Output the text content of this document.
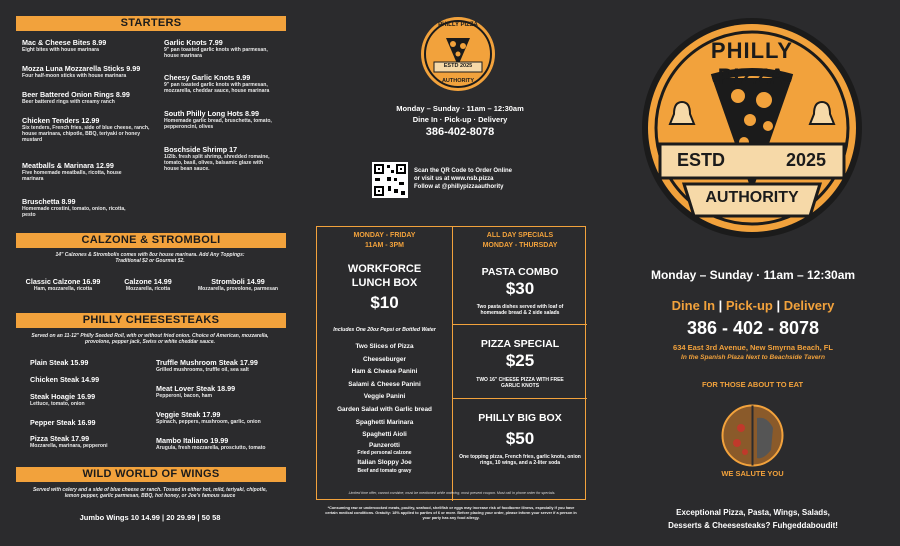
STARTERS
Mac & Cheese Bites 8.99
Eight bites with house marinara
Mozza Luna Mozzarella Sticks 9.99
Four half-moon sticks with house marinara
Beer Battered Onion Rings 8.99
Beer battered rings with creamy ranch
Chicken Tenders 12.99
Six tenders, French fries, side of blue cheese, ranch, house marinara, chipotle, BBQ, teriyaki or honey mustard
Meatballs & Marinara 12.99
Five homemade meatballs, ricotta, house marinara
Bruschetta 8.99
Homemade crostini, tomato, onion, ricotta, pesto
Garlic Knots 7.99
9" pan toasted garlic knots with parmesan, house marinara
Cheesy Garlic Knots 9.99
9" pan toasted garlic knots with parmesan, mozzarella, cheddar sauce, house marinara
South Philly Long Hots 8.99
Homemade garlic bread, bruschetta, tomato, pepperoncini, olives
Boschside Shrimp 17
1/2lb. fresh split shrimp, shredded romaine, tomato, basil, olives, balsamic glaze with house bean sauce.
CALZONE & STROMBOLI
14" Calzones & Strombolis comes with 8oz house marinara. Add Any Toppings: Traditional $2 or Gourmet $2.
Classic Calzone 16.99
Ham, mozzarella, ricotta
Calzone 14.99
Mozzarella, ricotta
Stromboli 14.99
Mozzarella, provolone, parmesan
PHILLY CHEESESTEAKS
Served on an 11-12" Philly Seeded Roll, with or without fried onion. Choice of American, mozzarella, provolone, pepper jack, Swiss or white cheddar sauce.
Plain Steak 15.99
Chicken Steak 14.99
Steak Hoagie 16.99
Lettuce, tomato, onion
Pepper Steak 16.99
Pizza Steak 17.99
Mozzarella, marinara, pepperoni
Truffle Mushroom Steak 17.99
Grilled mushrooms, truffle oil, sea salt
Meat Lover Steak 18.99
Pepperoni, bacon, ham
Veggie Steak 17.99
Spinach, peppers, mushroom, garlic, onion
Mambo Italiano 19.99
Arugula, fresh mozzarella, prosciutto, tomato
WILD WORLD OF WINGS
Served with celery and a side of blue cheese or ranch. Tossed in either hot, mild, teriyaki, chipotle, lemon pepper, garlic parmesan, BBQ, hot honey, or Joe's famous sauce
Jumbo Wings 10 14.99 | 20 29.99 | 50 58
PHILLY PIZZA
ESTD 2025
AUTHORITY
Monday – Sunday · 11am – 12:30am
Dine In · Pick-up · Delivery
386-402-8078
Scan the QR Code to Order Online
or visit us at www.nsb.pizza
Follow at @phillypizzaauthority
MONDAY - FRIDAY
11AM - 3PM
WORKFORCE
LUNCH BOX
$10
Includes One 20oz Pepsi or Bottled Water
Two Slices of Pizza
Cheeseburger
Ham & Cheese Panini
Salami & Cheese Panini
Veggie Panini
Garden Salad with Garlic bread
Spaghetti Marinara
Spaghetti Aioli
Panzerotti
Fried personal calzone
Italian Sloppy Joe
Beef and tomato gravy
ALL DAY SPECIALS
MONDAY - THURSDAY
PASTA COMBO
$30
Two pasta dishes served with loaf of homemade bread & 2 side salads
PIZZA SPECIAL
$25
TWO 16" CHEESE PIZZA WITH FREE GARLIC KNOTS
PHILLY BIG BOX
$50
One topping pizza, French fries, garlic knots, onion rings, 10 wings, and a 2-liter soda
Limited time offer, cannot combine, must be mentioned while ordering, most present coupon. Must call in phone order for specials.
*Consuming raw or undercooked meats, poultry, seafood, shellfish or eggs may increase risk of foodborne illness, especially if you have certain medical conditions. Gratuity: 18% applied to parties of 6 or more. Before placing your order, please inform your server if a person in your party has any food allergy.
PHILLY PIZZA
ESTD	2025
AUTHORITY
Monday – Sunday · 11am – 12:30am
Dine In | Pick-up | Delivery
386 - 402 - 8078
634 East 3rd Avenue, New Smyrna Beach, FL
In the Spanish Plaza Next to Beachside Tavern
FOR THOSE ABOUT TO EAT
WE SALUTE YOU
Exceptional Pizza, Pasta, Wings, Salads,
Desserts & Cheesesteaks? Fuhgeddaboudit!
